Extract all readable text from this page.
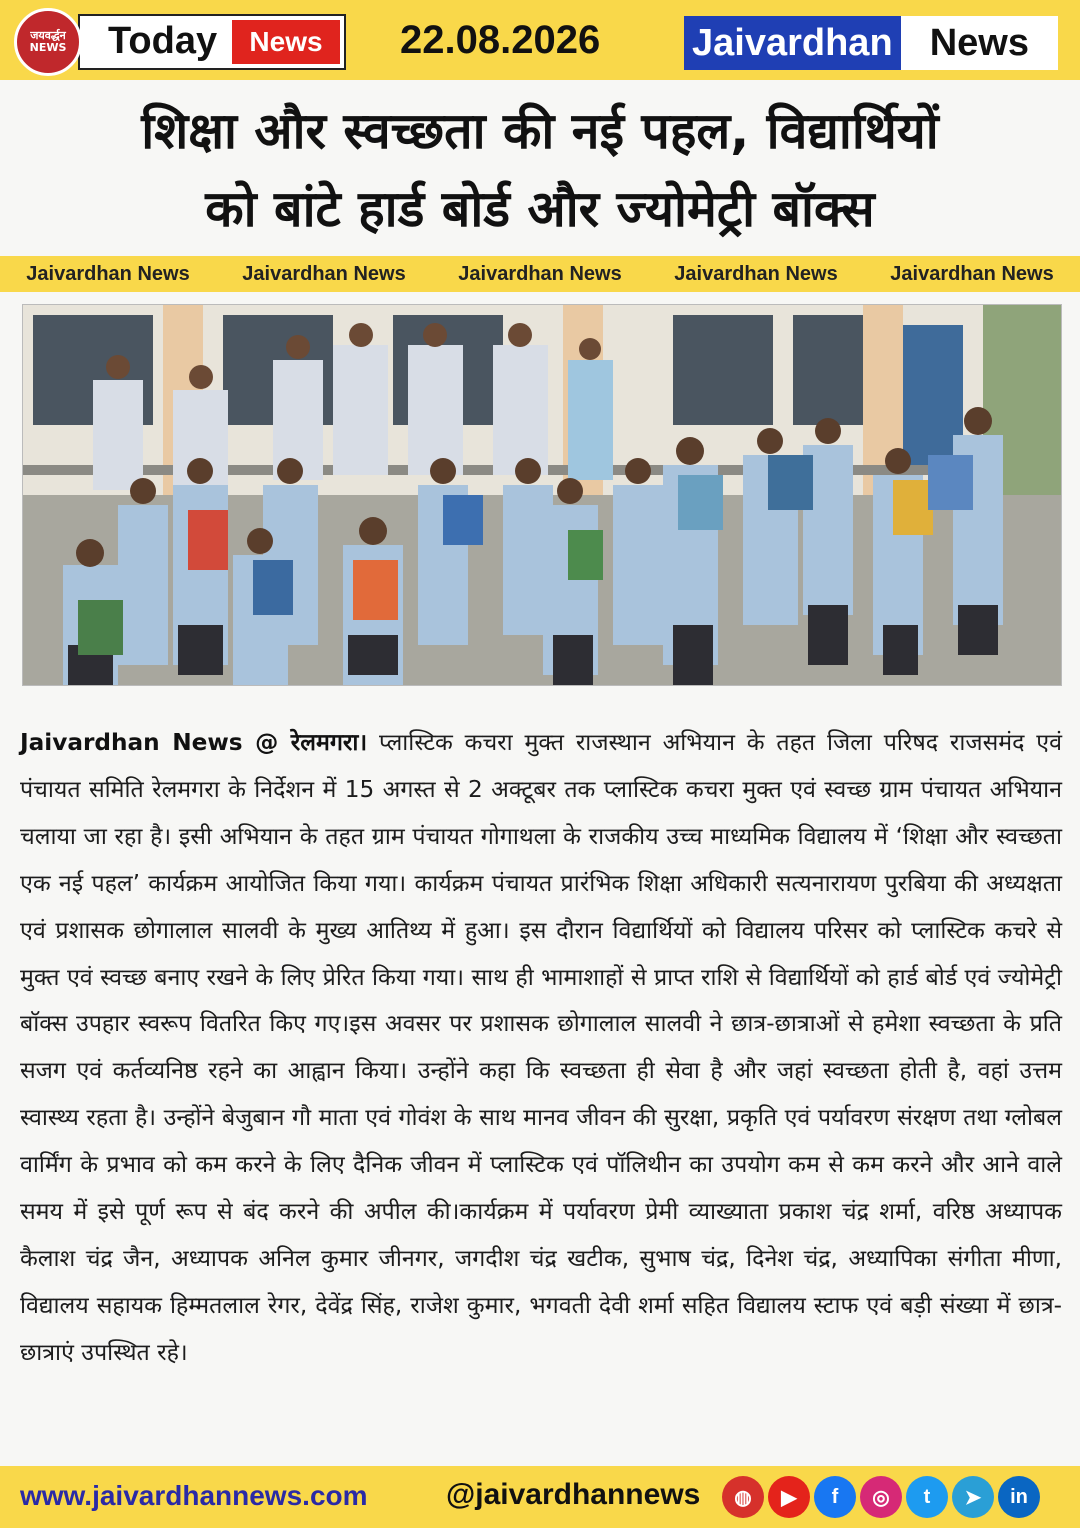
Today	News
जयवर्द्धन
NEWS	22.08.2026 Jaivardhan News
शिक्षा और स्वच्छता की नई पहल, विद्यार्थियों
को बांटे हार्ड बोर्ड और ज्योमेट्री बॉक्स
Jaivardhan News	Jaivardhan News	Jaivardhan News	Jaivardhan News	Jaivardhan News
Jaivardhan News @ रेलमगरा। प्लास्टिक कचरा मुक्त राजस्थान अभियान के तहत जिला परिषद राजसमंद एवं पंचायत समिति रेलमगरा के निर्देशन में 15 अगस्त से 2 अक्टूबर तक प्लास्टिक कचरा मुक्त एवं स्वच्छ ग्राम पंचायत अभियान चलाया जा रहा है। इसी अभियान के तहत ग्राम पंचायत गोगाथला के राजकीय उच्च माध्यमिक विद्यालय में ‘शिक्षा और स्वच्छता एक नई पहल’ कार्यक्रम आयोजित किया गया। कार्यक्रम पंचायत प्रारंभिक शिक्षा अधिकारी सत्यनारायण पुरबिया की अध्यक्षता एवं प्रशासक छोगालाल सालवी के मुख्य आतिथ्य में हुआ। इस दौरान विद्यार्थियों को विद्यालय परिसर को प्लास्टिक कचरे से मुक्त एवं स्वच्छ बनाए रखने के लिए प्रेरित किया गया। साथ ही भामाशाहों से प्राप्त राशि से विद्यार्थियों को हार्ड बोर्ड एवं ज्योमेट्री बॉक्स उपहार स्वरूप वितरित किए गए।इस अवसर पर प्रशासक छोगालाल सालवी ने छात्र-छात्राओं से हमेशा स्वच्छता के प्रति सजग एवं कर्तव्यनिष्ठ रहने का आह्वान किया। उन्होंने कहा कि स्वच्छता ही सेवा है और जहां स्वच्छता होती है, वहां उत्तम स्वास्थ्य रहता है। उन्होंने बेजुबान गौ माता एवं गोवंश के साथ मानव जीवन की सुरक्षा, प्रकृति एवं पर्यावरण संरक्षण तथा ग्लोबल वार्मिंग के प्रभाव को कम करने के लिए दैनिक जीवन में प्लास्टिक एवं पॉलिथीन का उपयोग कम से कम करने और आने वाले समय में इसे पूर्ण रूप से बंद करने की अपील की।कार्यक्रम में पर्यावरण प्रेमी व्याख्याता प्रकाश चंद्र शर्मा, वरिष्ठ अध्यापक कैलाश चंद्र जैन, अध्यापक अनिल कुमार जीनगर, जगदीश चंद्र खटीक, सुभाष चंद्र, दिनेश चंद्र, अध्यापिका संगीता मीणा, विद्यालय सहायक हिम्मतलाल रेगर, देवेंद्र सिंह, राजेश कुमार, भगवती देवी शर्मा सहित विद्यालय स्टाफ एवं बड़ी संख्या में छात्र-छात्राएं उपस्थित रहे।
www.jaivardhannews.com	@jaivardhannews	◍	▶	f	◎	t	➤	in
